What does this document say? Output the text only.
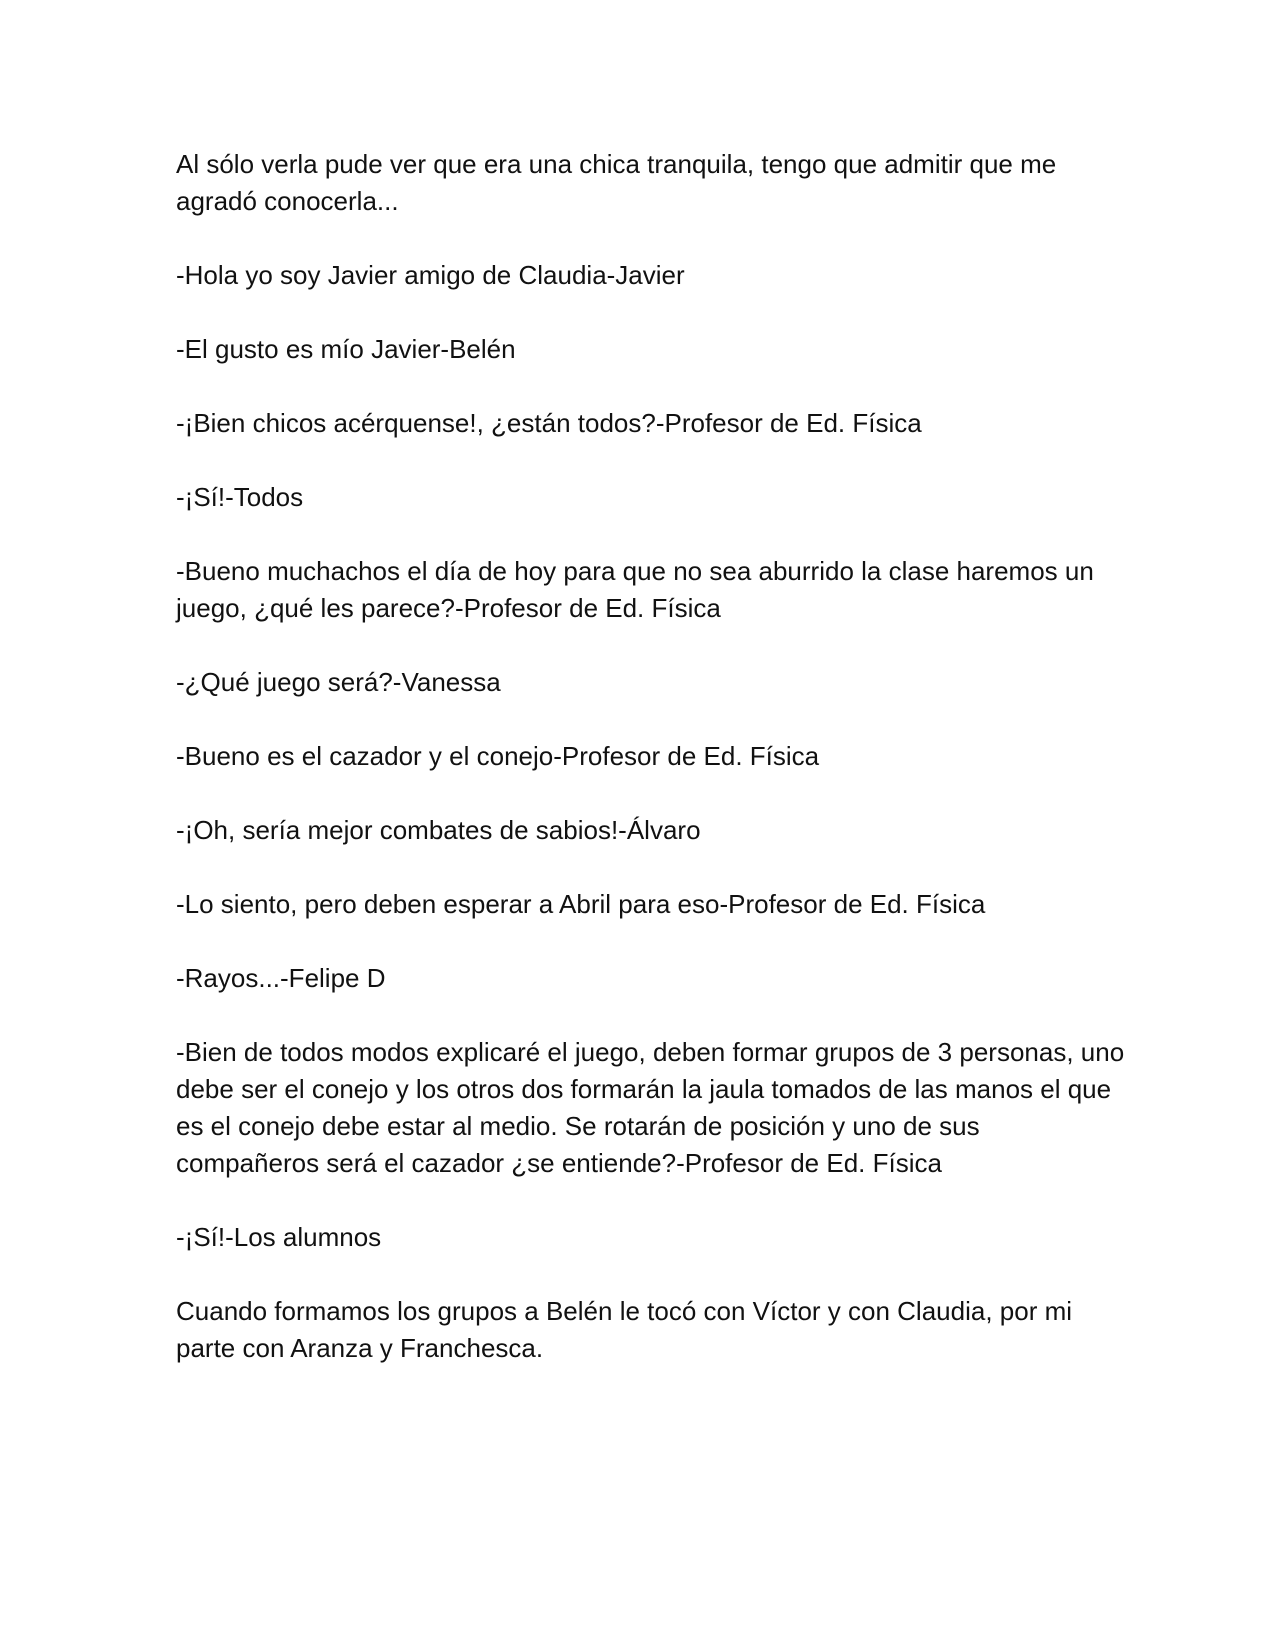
Al sólo verla pude ver que era una chica tranquila, tengo que admitir que me agradó conocerla...

-Hola yo soy Javier amigo de Claudia-Javier

-El gusto es mío Javier-Belén

-¡Bien chicos acérquense!, ¿están todos?-Profesor de Ed. Física

-¡Sí!-Todos

-Bueno muchachos el día de hoy para que no sea aburrido la clase haremos un juego, ¿qué les parece?-Profesor de Ed. Física

-¿Qué juego será?-Vanessa

-Bueno es el cazador y el conejo-Profesor de Ed. Física

-¡Oh, sería mejor combates de sabios!-Álvaro

-Lo siento, pero deben esperar a Abril para eso-Profesor de Ed. Física

-Rayos...-Felipe D

-Bien de todos modos explicaré el juego, deben formar grupos de 3 personas, uno debe ser el conejo y los otros dos formarán la jaula tomados de las manos el que es el conejo debe estar al medio. Se rotarán de posición y uno de sus compañeros será el cazador ¿se entiende?-Profesor de Ed. Física

-¡Sí!-Los alumnos

Cuando formamos los grupos a Belén le tocó con Víctor y con Claudia, por mi parte con Aranza y Franchesca.
